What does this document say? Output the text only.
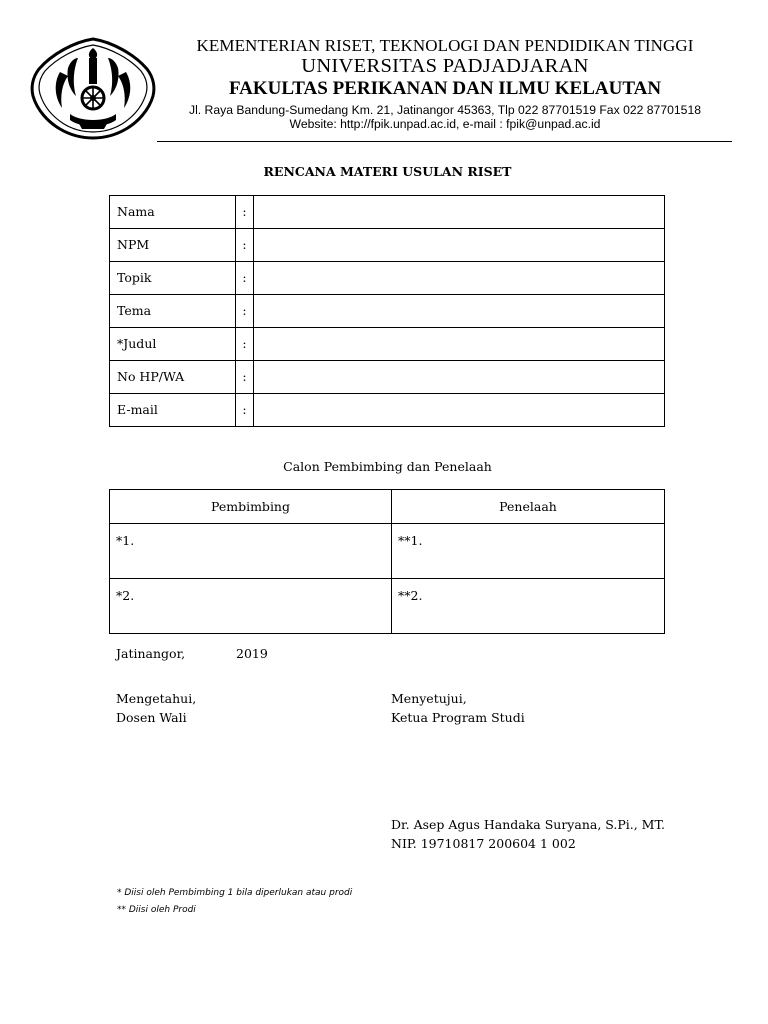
KEMENTERIAN RISET, TEKNOLOGI DAN PENDIDIKAN TINGGI
UNIVERSITAS PADJADJARAN
FAKULTAS PERIKANAN DAN ILMU KELAUTAN
Jl. Raya Bandung-Sumedang Km. 21, Jatinangor 45363, Tlp 022 87701519 Fax 022 87701518
Website: http://fpik.unpad.ac.id, e-mail : fpik@unpad.ac.id
RENCANA MATERI USULAN RISET
Nama	:	
NPM	:	
Topik	:	
Tema	:	
*Judul	:	
No HP/WA	:	
E-mail	:	
Calon Pembimbing dan Penelaah
Pembimbing	Penelaah
*1.	**1.
*2.	**2.
Jatinangor,	2019
Mengetahui,
Dosen Wali
Menyetujui,
Ketua Program Studi
Dr. Asep Agus Handaka Suryana, S.Pi., MT.
NIP. 19710817 200604 1 002
* Diisi oleh Pembimbing 1 bila diperlukan atau prodi
** Diisi oleh Prodi
